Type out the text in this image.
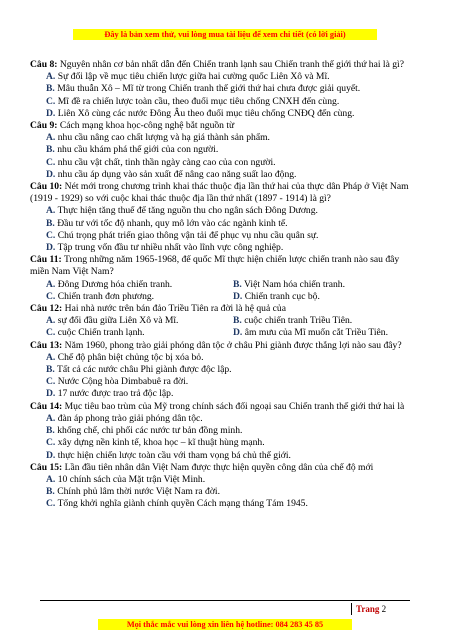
Đây là bản xem thử, vui lòng mua tài liệu để xem chi tiết (có lời giải)

Câu 8: Nguyên nhân cơ bản nhất dẫn đến Chiến tranh lạnh sau Chiến tranh thế giới thứ hai là gì?

A. Sự đối lập về mục tiêu chiến lược giữa hai cường quốc Liên Xô và Mĩ.
B. Mâu thuẫn Xô – Mĩ từ trong Chiến tranh thế giới thứ hai chưa được giải quyết.
C. Mĩ đề ra chiến lược toàn cầu, theo đuổi mục tiêu chống CNXH đến cùng.
D. Liên Xô cùng các nước Đông Âu theo đuổi mục tiêu chống CNĐQ đến cùng.

Câu 9: Cách mạng khoa học-công nghệ bắt nguồn từ

A. nhu cầu nâng cao chất lượng và hạ giá thành sản phẩm.
B. nhu cầu khám phá thế giới của con người.
C. nhu cầu vật chất, tinh thần ngày càng cao của con người.
D. nhu cầu áp dụng vào sản xuất để nâng cao năng suất lao động.

Câu 10: Nét mới trong chương trình khai thác thuộc địa lần thứ hai của thực dân Pháp ở Việt Nam (1919 - 1929) so với cuộc khai thác thuộc địa lần thứ nhất (1897 - 1914) là gì?

A. Thực hiện tăng thuế để tăng nguồn thu cho ngân sách Đông Dương.
B. Đầu tư với tốc độ nhanh, quy mô lớn vào các ngành kinh tế.
C. Chú trọng phát triển giao thông vận tải để phục vụ nhu cầu quân sự.
D. Tập trung vốn đầu tư nhiều nhất vào lĩnh vực công nghiệp.

Câu 11: Trong những năm 1965-1968, đế quốc Mĩ thực hiện chiến lược chiến tranh nào sau đây

miền Nam Việt Nam?

A. Đông Dương hóa chiến tranh.	B. Việt Nam hóa chiến tranh.
C. Chiến tranh đơn phương.	D. Chiến tranh cục bộ.

Câu 12: Hai nhà nước trên bán đảo Triều Tiên ra đời là hệ quả của

A. sự đối đầu giữa Liên Xô và Mĩ.	B. cuộc chiến tranh Triều Tiên.
C. cuộc Chiến tranh lạnh.	D. âm mưu của Mĩ muốn cắt Triều Tiên.

Câu 13: Năm 1960, phong trào giải phóng dân tộc ở châu Phi giành được thắng lợi nào sau đây?

A. Chế độ phân biệt chủng tộc bị xóa bỏ.
B. Tất cả các nước châu Phi giành được độc lập.
C. Nước Cộng hòa Dimbabuê ra đời.
D. 17 nước được trao trả độc lập.

Câu 14: Mục tiêu bao trùm của Mỹ trong chính sách đối ngoại sau Chiến tranh thế giới thứ hai là

A. đàn áp phong trào giải phóng dân tộc.
B. khống chế, chi phối các nước tư bản đồng minh.
C. xây dựng nền kinh tế, khoa học – kĩ thuật hùng mạnh.
D. thực hiện chiến lược toàn cầu với tham vọng bá chủ thế giới.

Câu 15: Lần đầu tiên nhân dân Việt Nam được thực hiện quyền công dân của chế độ mới

A. 10 chính sách của Mặt trận Việt Minh.
B. Chính phủ lâm thời nước Việt Nam ra đời.
C. Tổng khởi nghĩa giành chính quyền Cách mạng tháng Tám 1945.
Trang 2
Mọi thắc mắc vui lòng xin liên hệ hotline: 084 283 45 85
